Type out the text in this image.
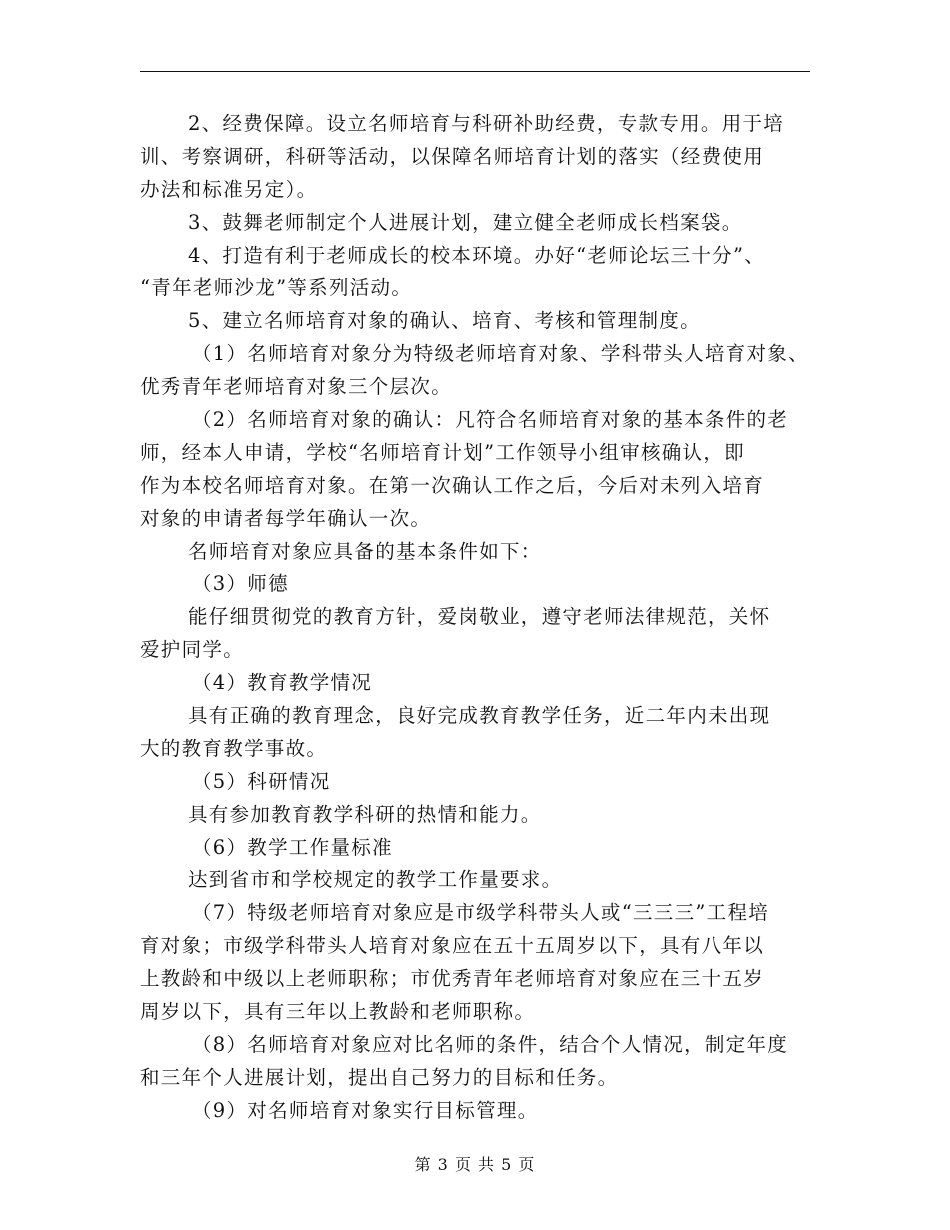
2、经费保障。设立名师培育与科研补助经费，专款专用。用于培
训、考察调研，科研等活动，以保障名师培育计划的落实（经费使用
办法和标准另定）。
3、鼓舞老师制定个人进展计划，建立健全老师成长档案袋。
4、打造有利于老师成长的校本环境。办好“老师论坛三十分”、
“青年老师沙龙”等系列活动。
5、建立名师培育对象的确认、培育、考核和管理制度。
（1）名师培育对象分为特级老师培育对象、学科带头人培育对象、
优秀青年老师培育对象三个层次。
（2）名师培育对象的确认：凡符合名师培育对象的基本条件的老
师，经本人申请，学校“名师培育计划”工作领导小组审核确认，即
作为本校名师培育对象。在第一次确认工作之后，今后对未列入培育
对象的申请者每学年确认一次。
名师培育对象应具备的基本条件如下：
（3）师德
能仔细贯彻党的教育方针，爱岗敬业，遵守老师法律规范，关怀
爱护同学。
（4）教育教学情况
具有正确的教育理念，良好完成教育教学任务，近二年内未出现
大的教育教学事故。
（5）科研情况
具有参加教育教学科研的热情和能力。
（6）教学工作量标准
达到省市和学校规定的教学工作量要求。
（7）特级老师培育对象应是市级学科带头人或“三三三”工程培
育对象；市级学科带头人培育对象应在五十五周岁以下，具有八年以
上教龄和中级以上老师职称；市优秀青年老师培育对象应在三十五岁
周岁以下，具有三年以上教龄和老师职称。
（8）名师培育对象应对比名师的条件，结合个人情况，制定年度
和三年个人进展计划，提出自己努力的目标和任务。
（9）对名师培育对象实行目标管理。
第 3 页 共 5 页
